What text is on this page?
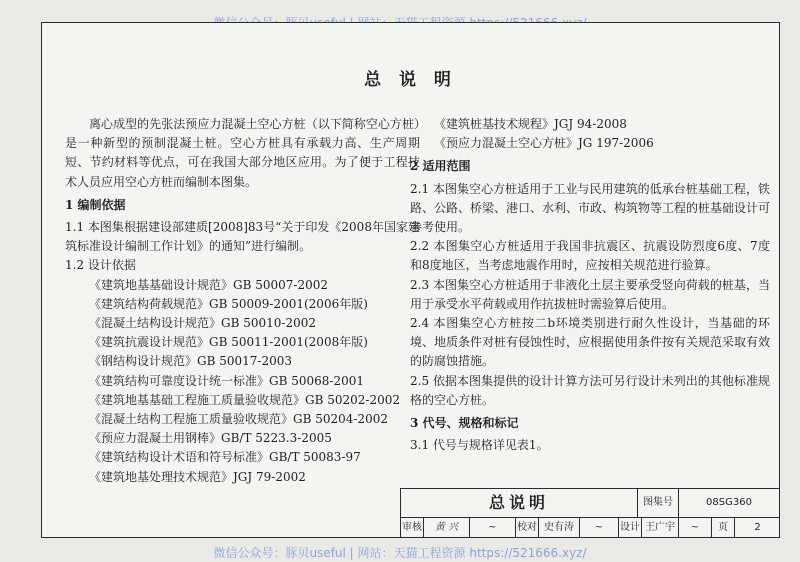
总 说 明

离心成型的先张法预应力混凝土空心方桩（以下简称空心方桩）是一种新型的预制混凝土桩。空心方桩具有承载力高、生产周期短、节约材料等优点，可在我国大部分地区应用。为了便于工程技术人员应用空心方桩而编制本图集。

1 编制依据

1.1 本图集根据建设部建质[2008]83号“关于印发《2008年国家建筑标准设计编制工作计划》的通知”进行编制。

1.2 设计依据

《建筑地基基础设计规范》GB 50007-2002

《建筑结构荷载规范》GB 50009-2001(2006年版)

《混凝土结构设计规范》GB 50010-2002

《建筑抗震设计规范》GB 50011-2001(2008年版)

《钢结构设计规范》GB 50017-2003

《建筑结构可靠度设计统一标准》GB 50068-2001

《建筑地基基础工程施工质量验收规范》GB 50202-2002

《混凝土结构工程施工质量验收规范》GB 50204-2002

《预应力混凝土用钢棒》GB/T 5223.3-2005

《建筑结构设计术语和符号标准》GB/T 50083-97

《建筑地基处理技术规范》JGJ 79-2002

《建筑桩基技术规程》JGJ 94-2008

《预应力混凝土空心方桩》JG 197-2006

2 适用范围

2.1 本图集空心方桩适用于工业与民用建筑的低承台桩基础工程，铁路、公路、桥梁、港口、水利、市政、构筑物等工程的桩基础设计可参考使用。

2.2 本图集空心方桩适用于我国非抗震区、抗震设防烈度6度、7度和8度地区，当考虑地震作用时，应按相关规范进行验算。

2.3 本图集空心方桩适用于非液化土层主要承受竖向荷载的桩基，当用于承受水平荷载或用作抗拔桩时需验算后使用。

2.4 本图集空心方桩按二b环境类别进行耐久性设计，当基础的环境、地质条件对桩有侵蚀性时，应根据使用条件按有关规范采取有效的防腐蚀措施。

2.5 依据本图集提供的设计计算方法可另行设计未列出的其他标准规格的空心方桩。

3 代号、规格和标记

3.1 代号与规格详见表1。

总说明	图集号	08SG360
审核	黄 兴	~	校对 史有涛	~	设计 王广宇	~	页	2
微信公众号：豚贝useful | 网站：天猫工程资源 https://521666.xyz/
